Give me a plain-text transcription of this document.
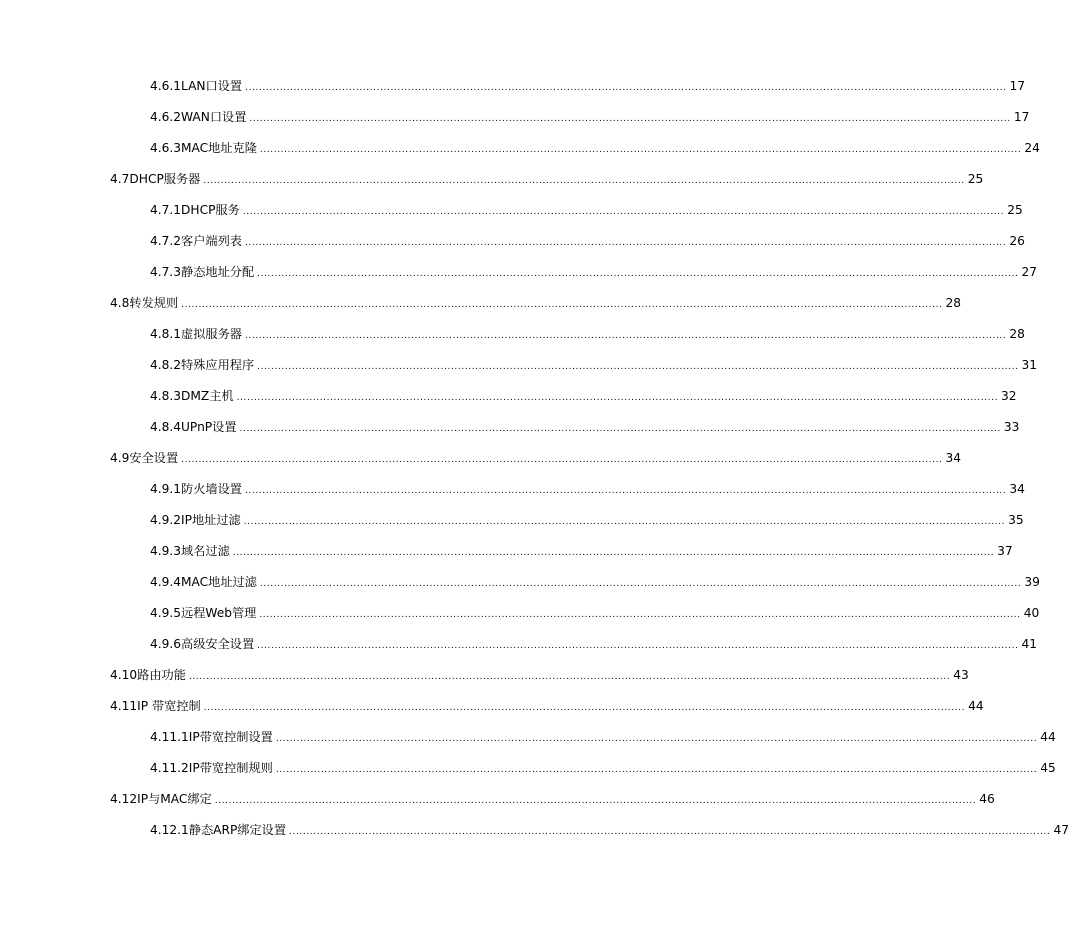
4.6.1 LAN口设置 ............................................................................................................................................................................................................................ 17
4.6.2 WAN口设置 ............................................................................................................................................................................................................................ 17
4.6.3 MAC地址克隆 ............................................................................................................................................................................................................................ 24
4.7 DHCP服务器 ............................................................................................................................................................................................................................ 25
4.7.1 DHCP服务 ............................................................................................................................................................................................................................ 25
4.7.2 客户端列表 ............................................................................................................................................................................................................................ 26
4.7.3 静态地址分配 ............................................................................................................................................................................................................................ 27
4.8 转发规则 ............................................................................................................................................................................................................................ 28
4.8.1 虚拟服务器 ............................................................................................................................................................................................................................ 28
4.8.2 特殊应用程序 ............................................................................................................................................................................................................................ 31
4.8.3 DMZ主机 ............................................................................................................................................................................................................................ 32
4.8.4 UPnP设置 ............................................................................................................................................................................................................................ 33
4.9 安全设置 ............................................................................................................................................................................................................................ 34
4.9.1 防火墙设置 ............................................................................................................................................................................................................................ 34
4.9.2 IP地址过滤 ............................................................................................................................................................................................................................ 35
4.9.3 域名过滤 ............................................................................................................................................................................................................................ 37
4.9.4 MAC地址过滤 ............................................................................................................................................................................................................................ 39
4.9.5 远程Web管理 ............................................................................................................................................................................................................................ 40
4.9.6 高级安全设置 ............................................................................................................................................................................................................................ 41
4.10 路由功能 ............................................................................................................................................................................................................................ 43
4.11 IP 带宽控制 ............................................................................................................................................................................................................................ 44
4.11.1 IP带宽控制设置 ............................................................................................................................................................................................................................ 44
4.11.2 IP带宽控制规则 ............................................................................................................................................................................................................................ 45
4.12 IP与MAC绑定 ............................................................................................................................................................................................................................ 46
4.12.1 静态ARP绑定设置 ............................................................................................................................................................................................................................ 47
